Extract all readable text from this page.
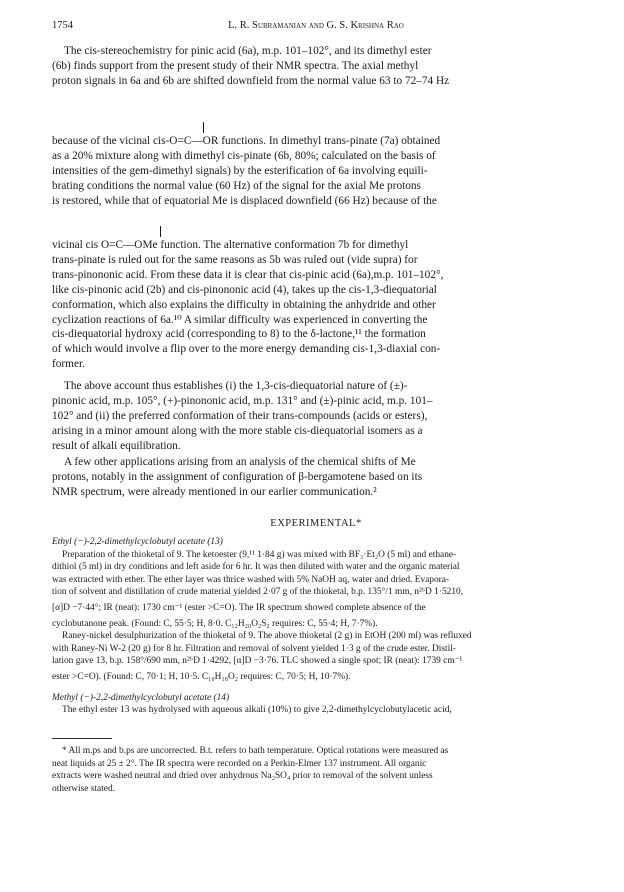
1754	L. R. Subramanian and G. S. Krishna Rao
The cis-stereochemistry for pinic acid (6a), m.p. 101–102°, and its dimethyl ester
(6b) finds support from the present study of their NMR spectra. The axial methyl
proton signals in 6a and 6b are shifted downfield from the normal value 63 to 72–74 Hz
because of the vicinal cis-O=C—OR functions. In dimethyl trans-pinate (7a) obtained
as a 20% mixture along with dimethyl cis-pinate (6b, 80%; calculated on the basis of
intensities of the gem-dimethyl signals) by the esterification of 6a involving equili-
brating conditions the normal value (60 Hz) of the signal for the axial Me protons
is restored, while that of equatorial Me is displaced downfield (66 Hz) because of the
vicinal cis O=C—OMe function. The alternative conformation 7b for dimethyl
trans-pinate is ruled out for the same reasons as 5b was ruled out (vide supra) for
trans-pinononic acid. From these data it is clear that cis-pinic acid (6a),m.p. 101–102°,
like cis-pinonic acid (2b) and cis-pinononic acid (4), takes up the cis-1,3-diequatorial
conformation, which also explains the difficulty in obtaining the anhydride and other
cyclization reactions of 6a.¹⁰ A similar difficulty was experienced in converting the
cis-diequatorial hydroxy acid (corresponding to 8) to the δ-lactone,¹¹ the formation
of which would involve a flip over to the more energy demanding cis-1,3-diaxial con-
former.
The above account thus establishes (i) the 1,3-cis-diequatorial nature of (±)-
pinonic acid, m.p. 105°, (+)-pinononic acid, m.p. 131° and (±)-pinic acid, m.p. 101–
102° and (ii) the preferred conformation of their trans-compounds (acids or esters),
arising in a minor amount along with the more stable cis-diequatorial isomers as a
result of alkali equilibration.
A few other applications arising from an analysis of the chemical shifts of Me
protons, notably in the assignment of configuration of β-bergamotene based on its
NMR spectrum, were already mentioned in our earlier communication.²
EXPERIMENTAL*
Ethyl (−)-2,2-dimethylcyclobutyl acetate (13)
Preparation of the thioketal of 9. The ketoester (9,¹¹ 1·84 g) was mixed with BF₃·Et₂O (5 ml) and ethane-
dithiol (5 ml) in dry conditions and left aside for 6 hr. It was then diluted with water and the organic material
was extracted with ether. The ether layer was thrice washed with 5% NaOH aq, water and dried. Evapora-
tion of solvent and distillation of crude material yielded 2·07 g of the thioketal, b.p. 135°/1 mm, n²⁶D 1·5210,
[α]D −7·44°; IR (neat): 1730 cm⁻¹ (ester >C=O). The IR spectrum showed complete absence of the
cyclobutanone peak. (Found: C, 55·5; H, 8·0. C₁₂H₂₀O₂S₂ requires: C, 55·4; H, 7·7%).
Raney-nickel desulphurization of the thioketal of 9. The above thioketal (2 g) in EtOH (200 ml) was refluxed
with Raney-Ni W-2 (20 g) for 8 hr. Filtration and removal of solvent yielded 1·3 g of the crude ester. Distil-
lation gave 13, b.p. 158°/690 mm, n²⁶D 1·4292, [α]D −3·76. TLC showed a single spot; IR (neat): 1739 cm⁻¹
ester >C=O). (Found: C, 70·1; H, 10·5. C₁₀H₁₈O₂ requires: C, 70·5; H, 10·7%).
Methyl (−)-2,2-dimethylcyclobutyl acetate (14)
The ethyl ester 13 was hydrolysed with aqueous alkali (10%) to give 2,2-dimethylcyclobutylacetic acid,
* All m.ps and b.ps are uncorrected. B.t. refers to bath temperature. Optical rotations were measured as
neat liquids at 25 ± 2°. The IR spectra were recorded on a Perkin-Elmer 137 instrument. All organic
extracts were washed neutral and dried over anhydrous Na₂SO₄ prior to removal of the solvent unless
otherwise stated.
